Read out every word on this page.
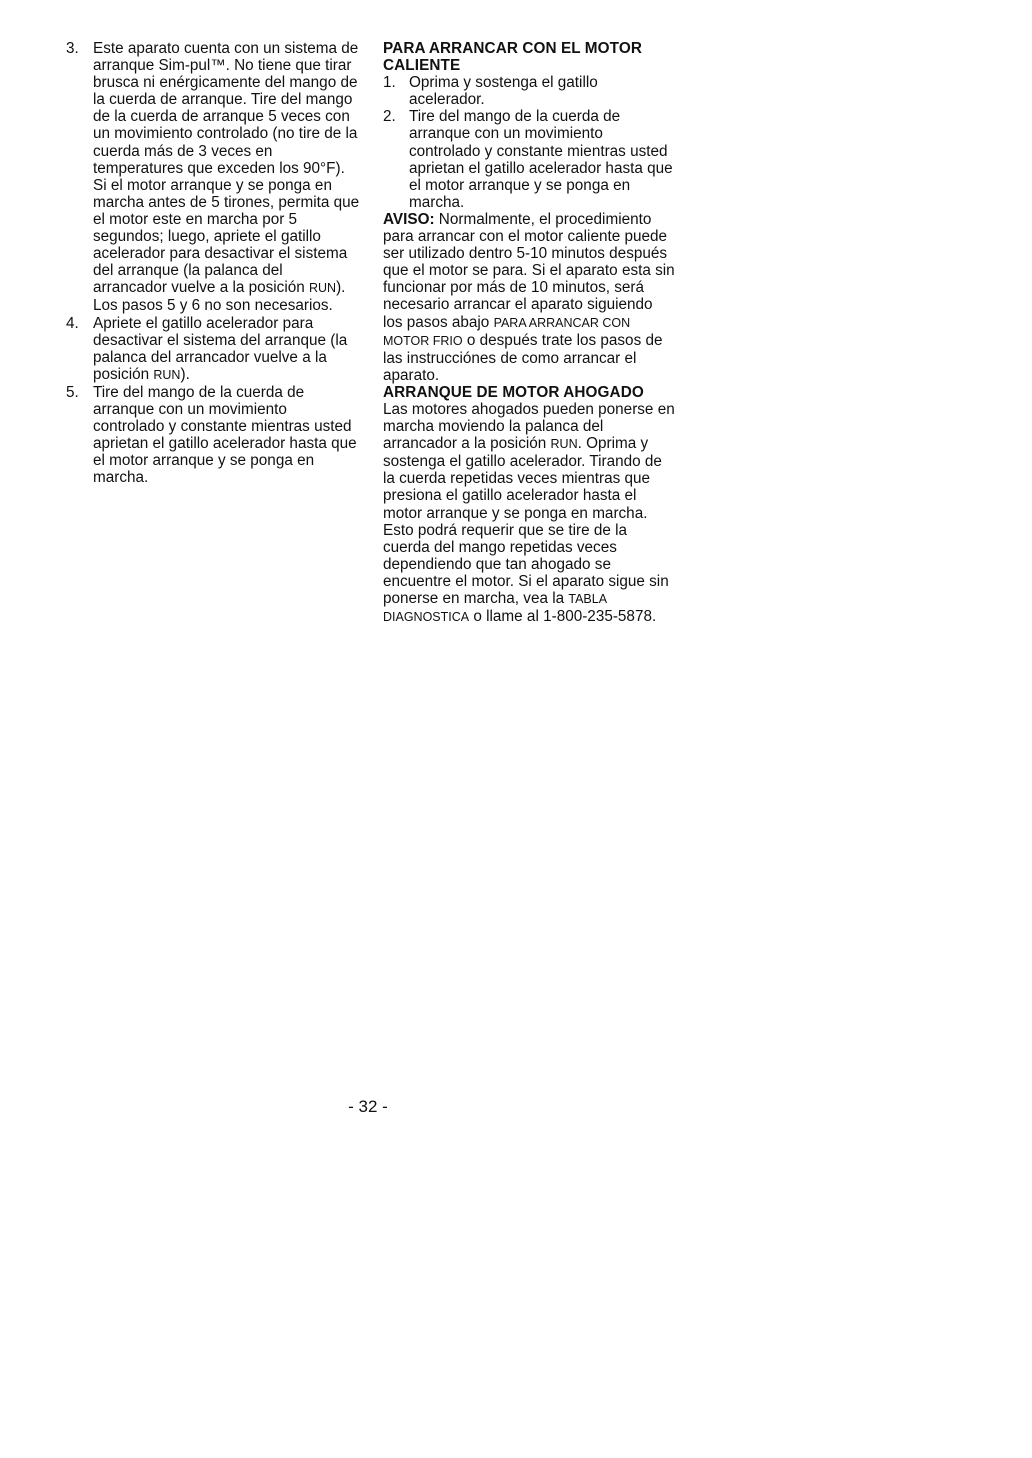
3. Este aparato cuenta con un sistema de arranque Sim-pul™. No tiene que tirar brusca ni enérgicamente del mango de la cuerda de arranque. Tire del mango de la cuerda de arranque 5 veces con un movimiento controlado (no tire de la cuerda más de 3 veces en temperatures que exceden los 90°F). Si el motor arranque y se ponga en marcha antes de 5 tirones, permita que el motor este en marcha por 5 segundos; luego, apriete el gatillo acelerador para desactivar el sistema del arranque (la palanca del arrancador vuelve a la posición RUN). Los pasos 5 y 6 no son necesarios.
4. Apriete el gatillo acelerador para desactivar el sistema del arranque (la palanca del arrancador vuelve a la posición RUN).
5. Tire del mango de la cuerda de arranque con un movimiento controlado y constante mientras usted aprietan el gatillo acelerador hasta que el motor arranque y se ponga en marcha.
PARA ARRANCAR CON EL MOTOR CALIENTE
1. Oprima y sostenga el gatillo acelerador.
2. Tire del mango de la cuerda de arranque con un movimiento controlado y constante mientras usted aprietan el gatillo acelerador hasta que el motor arranque y se ponga en marcha.

AVISO: Normalmente, el procedimiento para arrancar con el motor caliente puede ser utilizado dentro 5-10 minutos después que el motor se para. Si el aparato esta sin funcionar por más de 10 minutos, será necesario arrancar el aparato siguiendo los pasos abajo PARA ARRANCAR CON MOTOR FRIO o después trate los pasos de las instrucciónes de como arrancar el aparato.

ARRANQUE DE MOTOR AHOGADO

Las motores ahogados pueden ponerse en marcha moviendo la palanca del arrancador a la posición RUN. Oprima y sostenga el gatillo acelerador. Tirando de la cuerda repetidas veces mientras que presiona el gatillo acelerador hasta el motor arranque y se ponga en marcha. Esto podrá requerir que se tire de la cuerda del mango repetidas veces dependiendo que tan ahogado se encuentre el motor. Si el aparato sigue sin ponerse en marcha, vea la TABLA DIAGNOSTICA o llame al 1-800-235-5878.

- 32 -
